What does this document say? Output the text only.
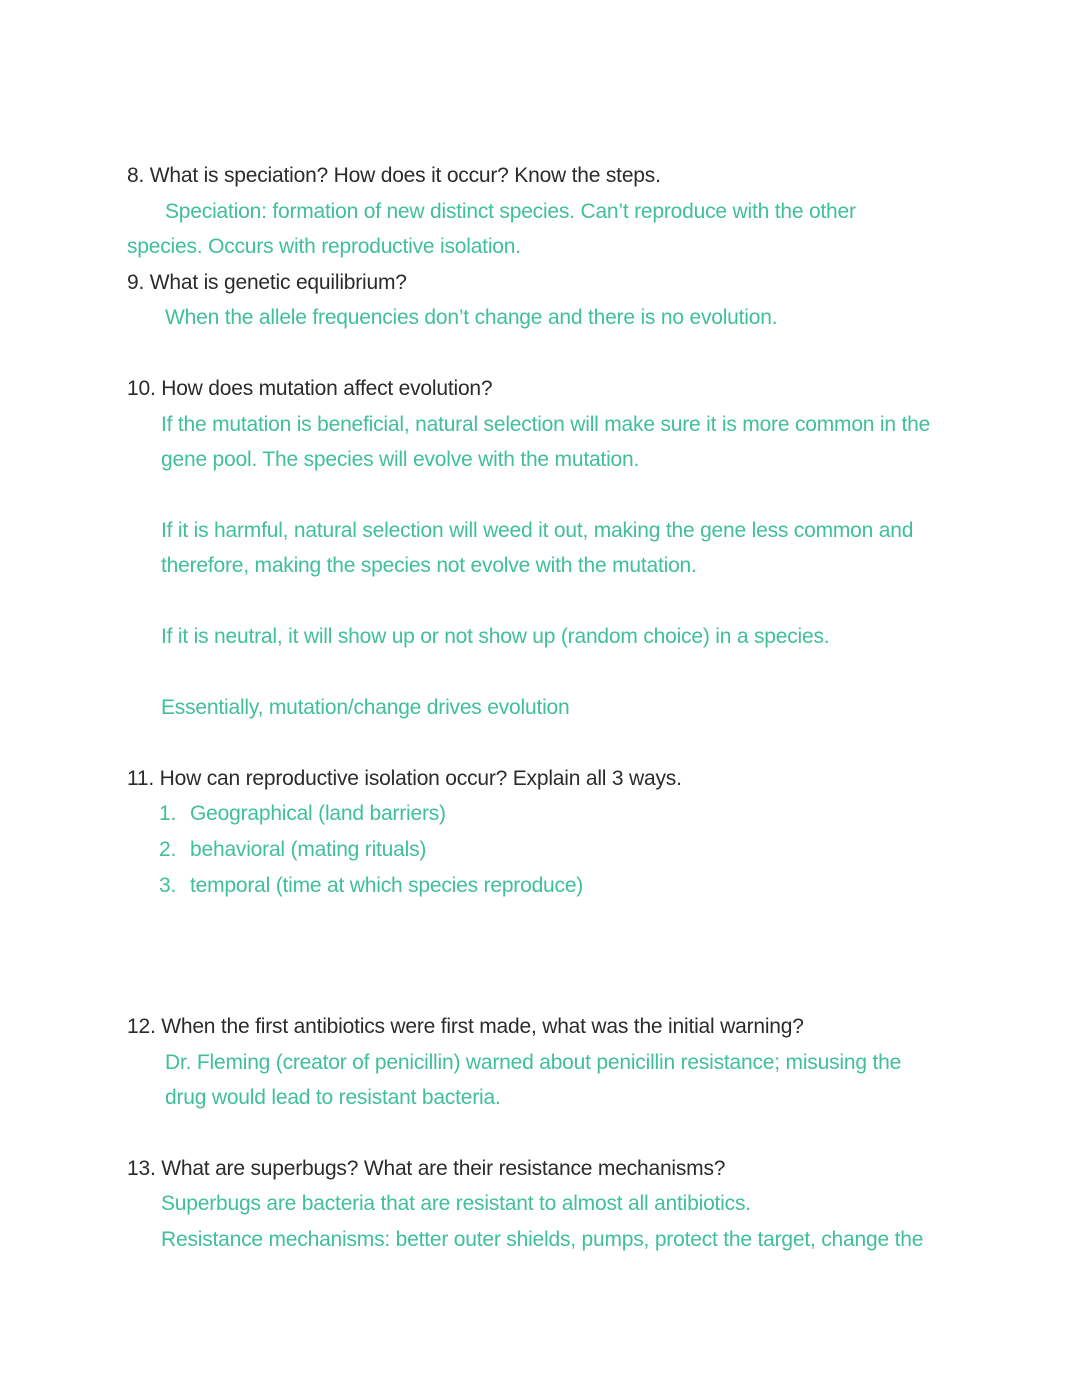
8. What is speciation? How does it occur? Know the steps.
Speciation: formation of new distinct species. Can’t reproduce with the other
species. Occurs with reproductive isolation.
9. What is genetic equilibrium?
When the allele frequencies don’t change and there is no evolution.
10. How does mutation affect evolution?
If the mutation is beneficial, natural selection will make sure it is more common in the
gene pool. The species will evolve with the mutation.
If it is harmful, natural selection will weed it out, making the gene less common and
therefore, making the species not evolve with the mutation.
If it is neutral, it will show up or not show up (random choice) in a species.
Essentially, mutation/change drives evolution
11. How can reproductive isolation occur? Explain all 3 ways.
1. Geographical (land barriers)
2. behavioral (mating rituals)
3. temporal (time at which species reproduce)
12. When the first antibiotics were first made, what was the initial warning?
Dr. Fleming (creator of penicillin) warned about penicillin resistance; misusing the
drug would lead to resistant bacteria.
13. What are superbugs? What are their resistance mechanisms?
Superbugs are bacteria that are resistant to almost all antibiotics.
Resistance mechanisms: better outer shields, pumps, protect the target, change the
